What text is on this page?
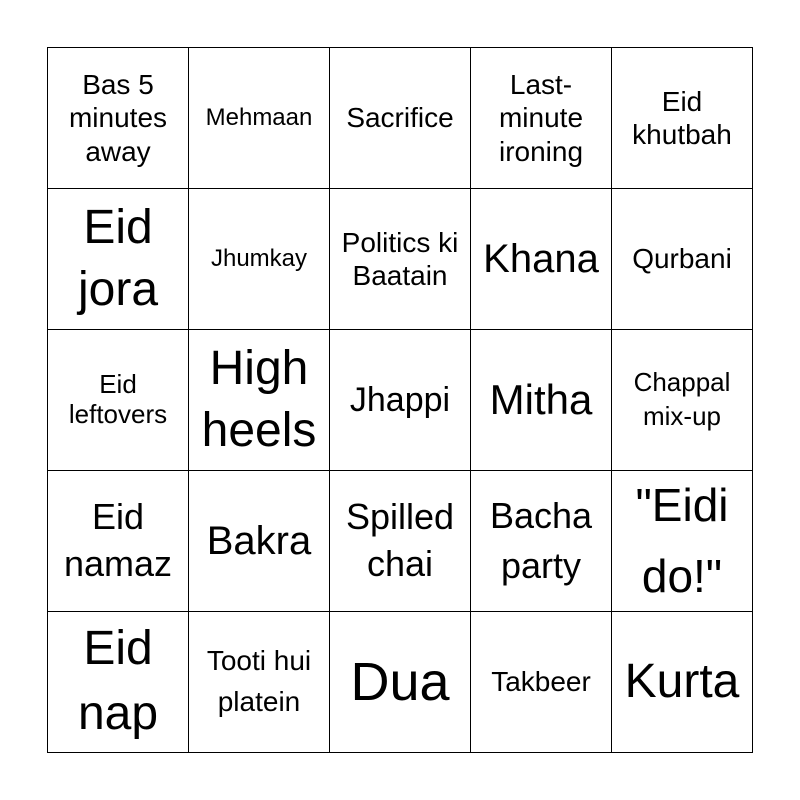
Bas 5 minutes away
Mehmaan Sacrifice
Last-minute ironing
Eid khutbah
Eid jora
Jhumkay
Politics ki Baatain Khana Qurbani
Eid leftovers
High heels
Jhappi Mitha	Chappal mix-up
Eid namaz
Bakra
Spilled chai
Bacha party
"Eidi do!"
Eid nap
Tooti hui platein Dua Takbeer Kurta
